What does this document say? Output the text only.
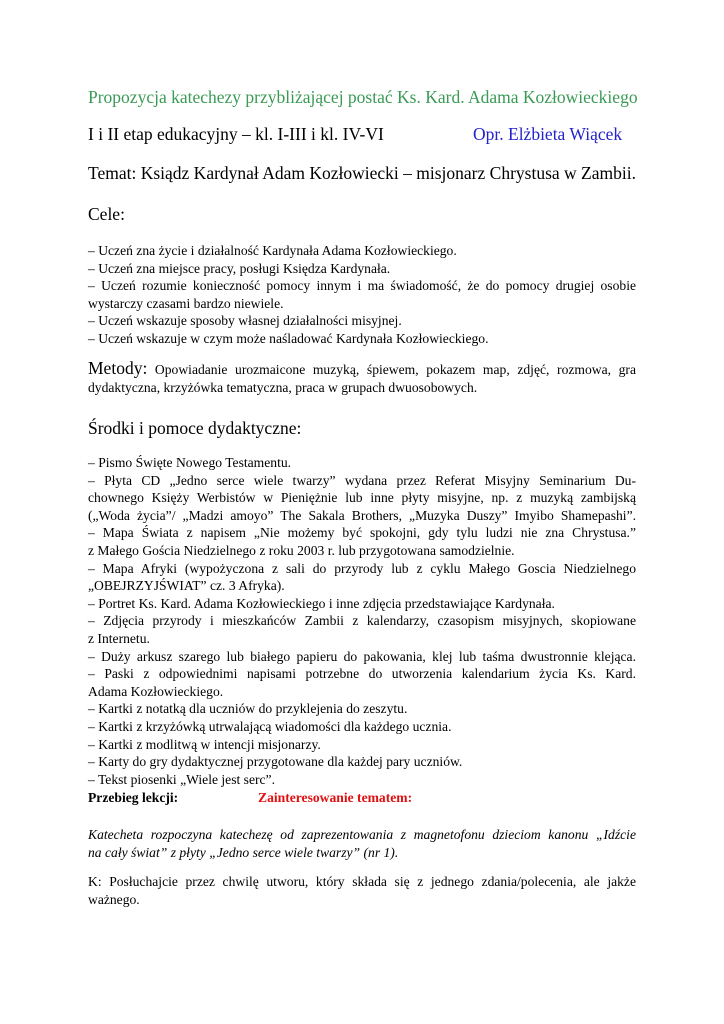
Propozycja katechezy przybliżającej postać Ks. Kard. Adama Kozłowieckiego
I i II etap edukacyjny – kl. I-III i kl. IV-VI	Opr. Elżbieta Wiącek
Temat: Ksiądz Kardynał Adam Kozłowiecki – misjonarz Chrystusa w Zambii.
Cele:
– Uczeń zna życie i działalność Kardynała Adama Kozłowieckiego.
– Uczeń zna miejsce pracy, posługi Księdza Kardynała.
– Uczeń rozumie konieczność pomocy innym i ma świadomość, że do pomocy drugiej osobie
wystarczy czasami bardzo niewiele.
– Uczeń wskazuje sposoby własnej działalności misyjnej.
– Uczeń wskazuje w czym może naśladować Kardynała Kozłowieckiego.
Metody: Opowiadanie urozmaicone muzyką, śpiewem, pokazem map, zdjęć, rozmowa, gra
dydaktyczna, krzyżówka tematyczna, praca w grupach dwuosobowych.
Środki i pomoce dydaktyczne:
– Pismo Święte Nowego Testamentu.
– Płyta CD „Jedno serce wiele twarzy” wydana przez Referat Misyjny Seminarium Du-
chownego Księży Werbistów w Pieniężnie lub inne płyty misyjne, np. z muzyką zambijską
(„Woda życia”/ „Madzi amoyo” The Sakala Brothers, „Muzyka Duszy” Imyibo Shamepashi”.
– Mapa Świata z napisem „Nie możemy być spokojni, gdy tylu ludzi nie zna Chrystusa.”
z Małego Gościa Niedzielnego z roku 2003 r. lub przygotowana samodzielnie.
– Mapa Afryki (wypożyczona z sali do przyrody lub z cyklu Małego Goscia Niedzielnego
„OBEJRZYJŚWIAT” cz. 3 Afryka).
– Portret Ks. Kard. Adama Kozłowieckiego i inne zdjęcia przedstawiające Kardynała.
– Zdjęcia przyrody i mieszkańców Zambii z kalendarzy, czasopism misyjnych, skopiowane
z Internetu.
– Duży arkusz szarego lub białego papieru do pakowania, klej lub taśma dwustronnie klejąca.
– Paski z odpowiednimi napisami potrzebne do utworzenia kalendarium życia Ks. Kard.
Adama Kozłowieckiego.
– Kartki z notatką dla uczniów do przyklejenia do zeszytu.
– Kartki z krzyżówką utrwalającą wiadomości dla każdego ucznia.
– Kartki z modlitwą w intencji misjonarzy.
– Karty do gry dydaktycznej przygotowane dla każdej pary uczniów.
– Tekst piosenki „Wiele jest serc”.
Przebieg lekcji:	Zainteresowanie tematem:
Katecheta rozpoczyna katechezę od zaprezentowania z magnetofonu dzieciom kanonu „Idźcie
na cały świat” z płyty „Jedno serce wiele twarzy” (nr 1).
K: Posłuchajcie przez chwilę utworu, który składa się z jednego zdania/polecenia, ale jakże
ważnego.
